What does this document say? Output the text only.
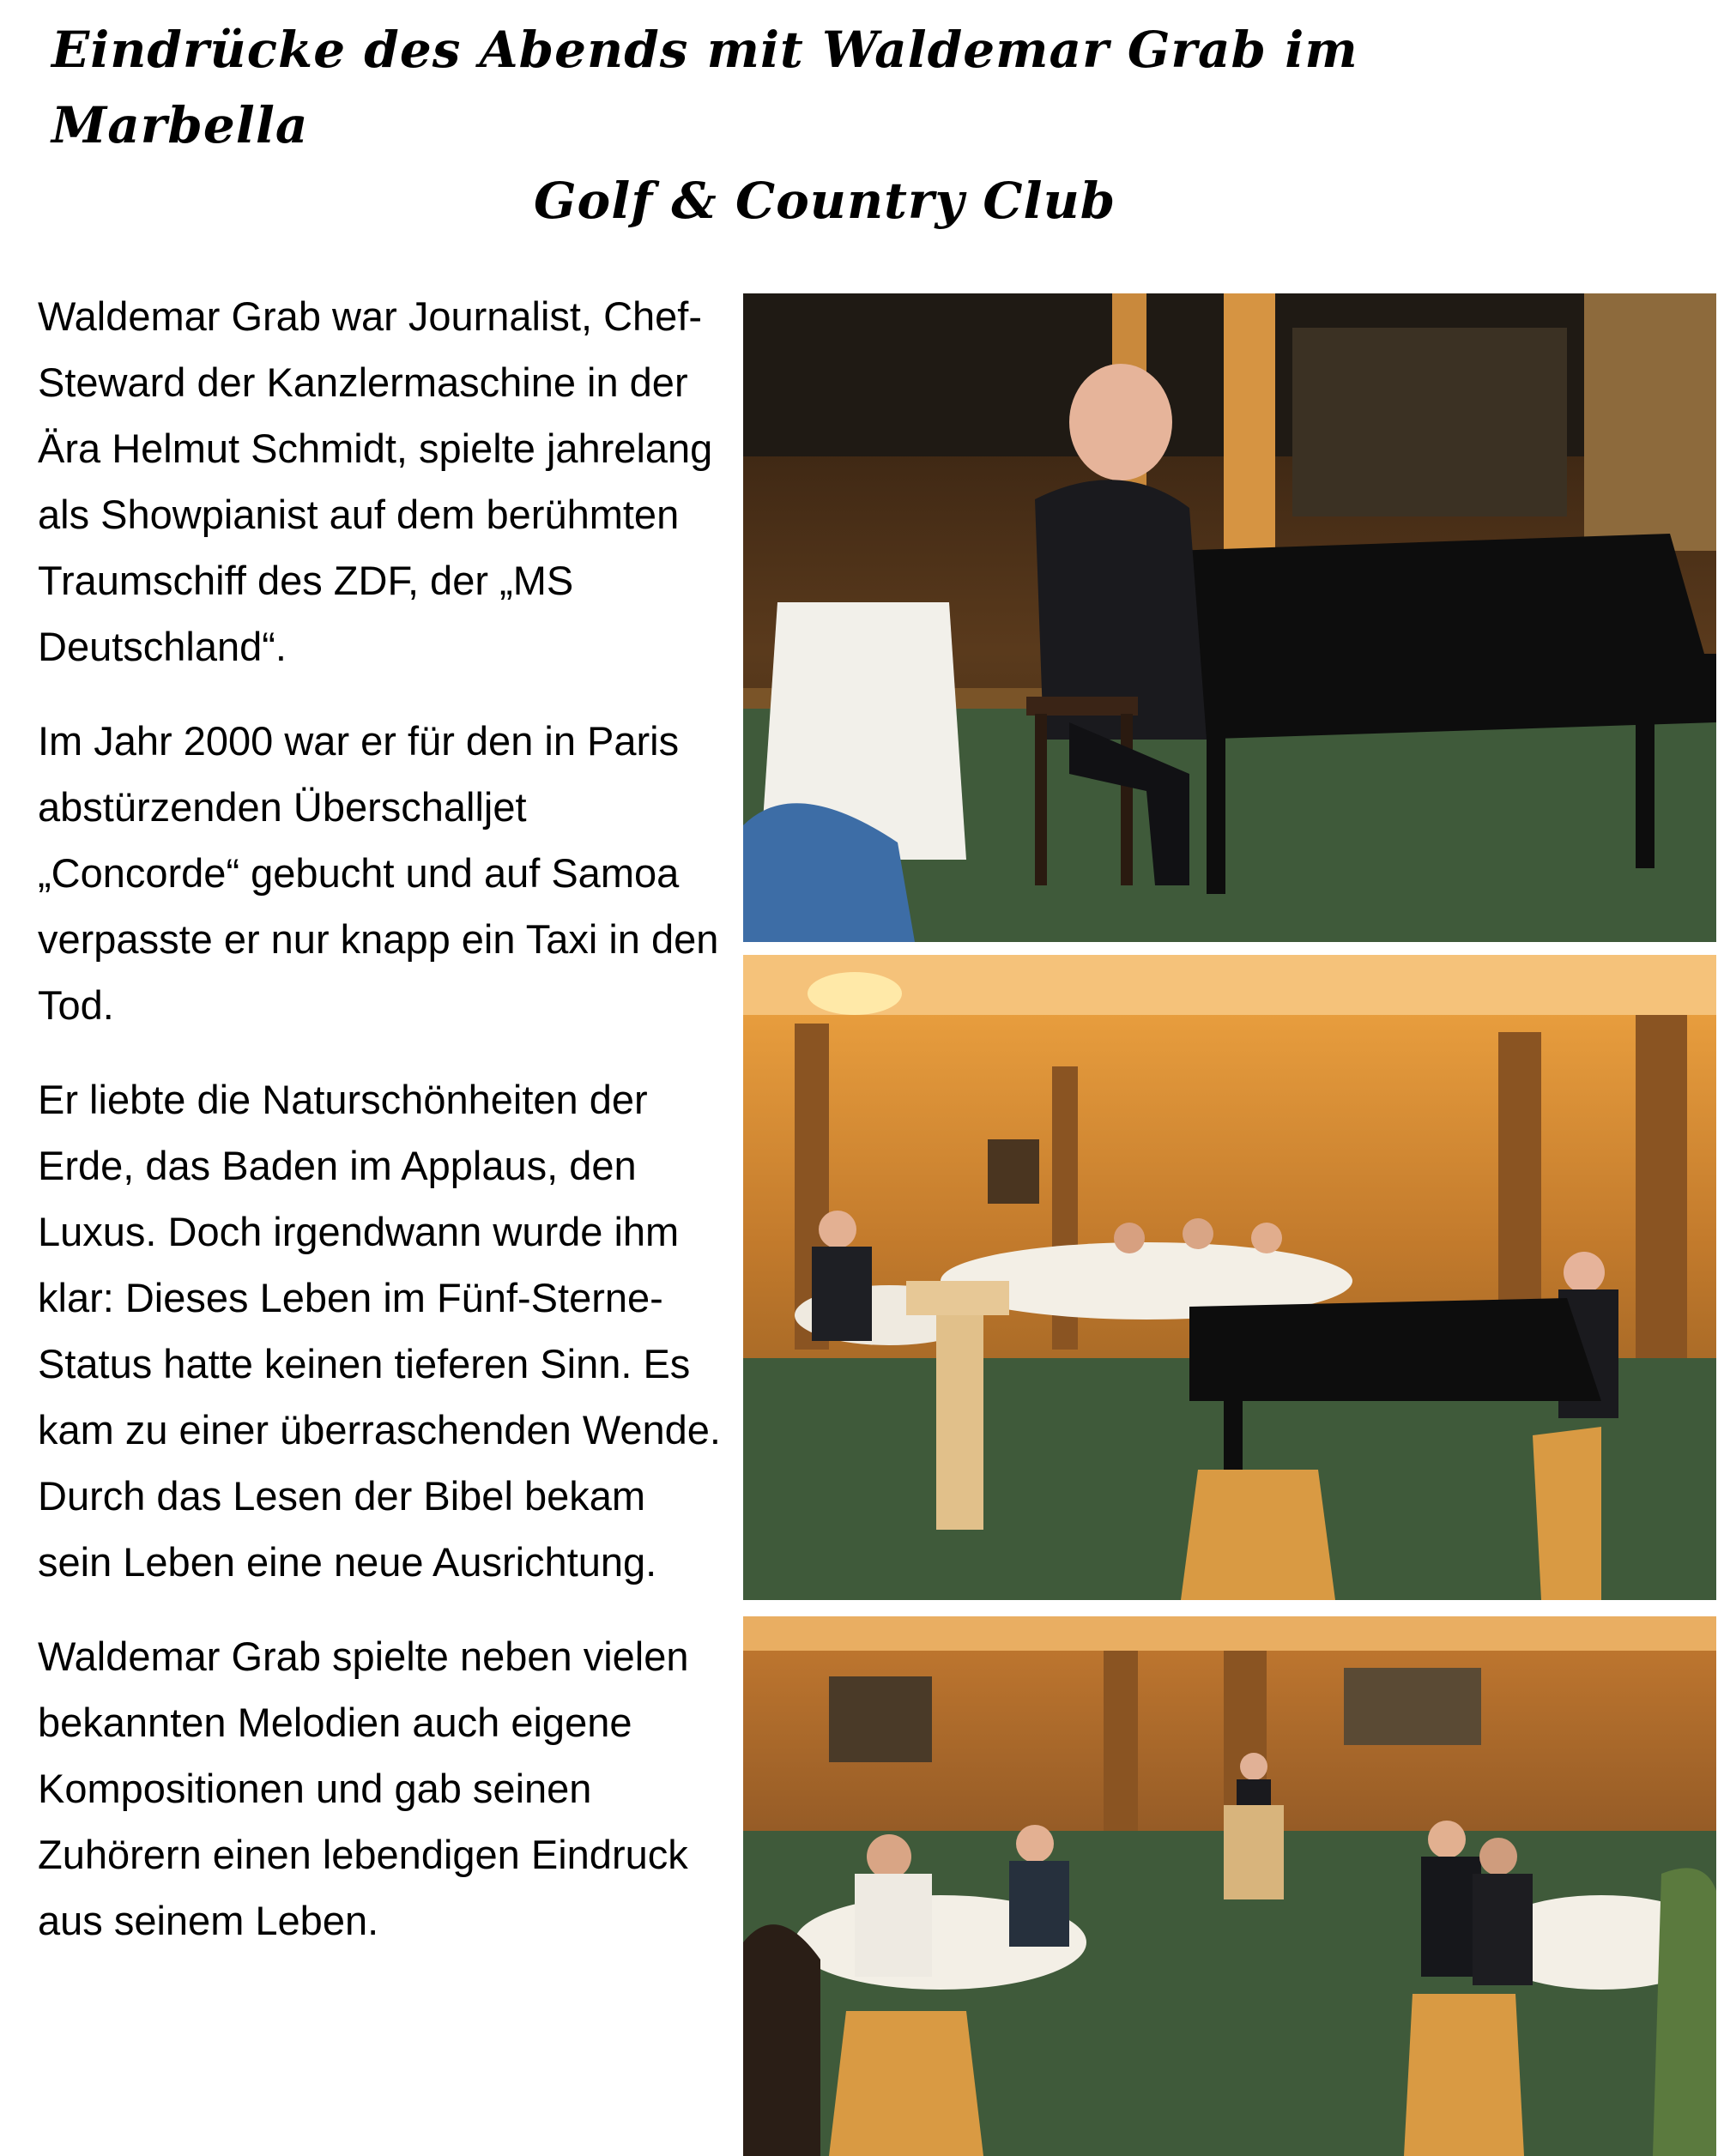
Eindrücke des Abends mit Waldemar Grab im Marbella
Golf & Country Club

Waldemar Grab war Journalist, Chef-Steward der Kanzlermaschine in der Ära Helmut Schmidt, spielte jahrelang als Showpianist auf dem berühmten Traumschiff des ZDF, der „MS Deutschland“.

Im Jahr 2000 war er für den in Paris abstürzenden Überschalljet „Concorde“ gebucht und auf Samoa verpasste er nur knapp ein Taxi in den Tod.

Er liebte die Naturschönheiten der Erde, das Baden im Applaus, den Luxus. Doch irgendwann wurde ihm klar: Dieses Leben im Fünf-Sterne-Status hatte keinen tieferen Sinn. Es kam zu einer überraschenden Wende. Durch das Lesen der Bibel bekam sein Leben eine neue Ausrichtung.

Waldemar Grab spielte neben vielen bekannten Melodien auch eigene Kompositionen und gab seinen Zuhörern einen lebendigen Eindruck aus seinem Leben.
